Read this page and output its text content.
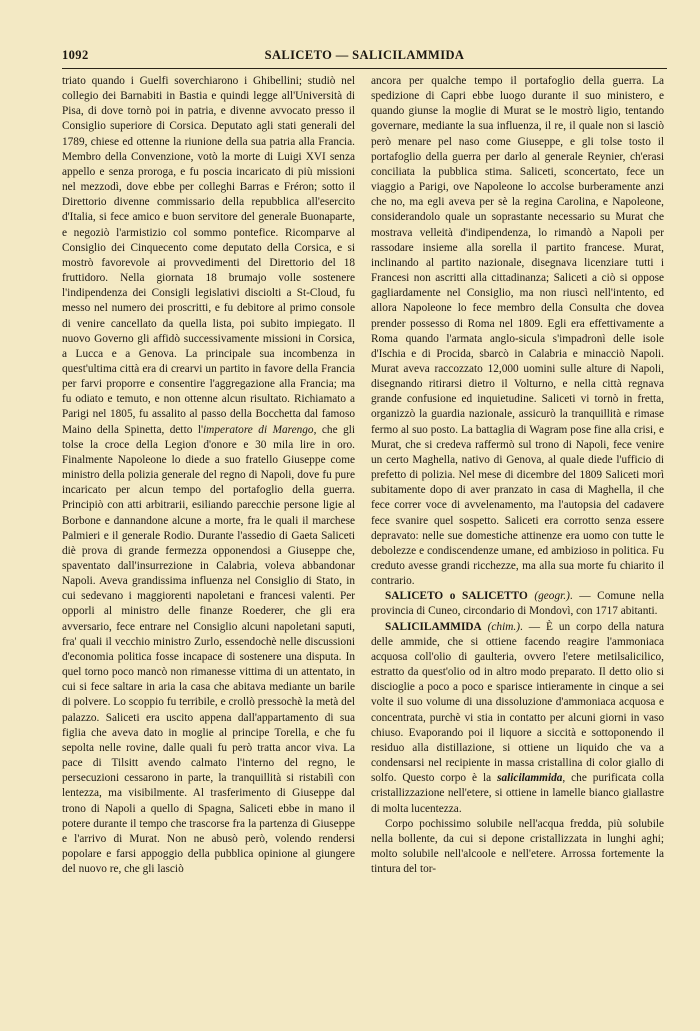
1092	SALICETO — SALICILAMMIDA

triato quando i Guelfi soverchiarono i Ghibellini; studiò nel collegio dei Barnabiti in Bastia e quindi legge all'Università di Pisa, di dove tornò poi in patria, e divenne avvocato presso il Consiglio superiore di Corsica. Deputato agli stati generali del 1789, chiese ed ottenne la riunione della sua patria alla Francia. Membro della Convenzione, votò la morte di Luigi XVI senza appello e senza proroga, e fu poscia incaricato di più missioni nel mezzodì, dove ebbe per colleghi Barras e Fréron; sotto il Direttorio divenne commissario della repubblica all'esercito d'Italia, si fece amico e buon servitore del generale Buonaparte, e negoziò l'armistizio col sommo pontefice. Ricomparve al Consiglio dei Cinquecento come deputato della Corsica, e si mostrò favorevole ai provvedimenti del Direttorio del 18 fruttidoro. Nella giornata 18 brumajo volle sostenere l'indipendenza dei Consigli legislativi disciolti a St-Cloud, fu messo nel numero dei proscritti, e fu debitore al primo console di venire cancellato da quella lista, poi subito impiegato. Il nuovo Governo gli affidò successivamente missioni in Corsica, a Lucca e a Genova. La principale sua incombenza in quest'ultima città era di crearvi un partito in favore della Francia per farvi proporre e consentire l'aggregazione alla Francia; ma fu odiato e temuto, e non ottenne alcun risultato. Richiamato a Parigi nel 1805, fu assalito al passo della Bocchetta dal famoso Maino della Spinetta, detto l'imperatore di Marengo, che gli tolse la croce della Legion d'onore e 30 mila lire in oro. Finalmente Napoleone lo diede a suo fratello Giuseppe come ministro della polizia generale del regno di Napoli, dove fu pure incaricato per alcun tempo del portafoglio della guerra. Principiò con atti arbitrarii, esiliando parecchie persone ligie al Borbone e dannandone alcune a morte, fra le quali il marchese Palmieri e il generale Rodio. Durante l'assedio di Gaeta Saliceti diè prova di grande fermezza opponendosi a Giuseppe che, spaventato dall'insurrezione in Calabria, voleva abbandonar Napoli. Aveva grandissima influenza nel Consiglio di Stato, in cui sedevano i maggiorenti napoletani e francesi valenti. Per opporli al ministro delle finanze Roederer, che gli era avversario, fece entrare nel Consiglio alcuni napoletani saputi, fra' quali il vecchio ministro Zurlo, essendochè nelle discussioni d'economia politica fosse incapace di sostenere una disputa. In quel torno poco mancò non rimanesse vittima di un attentato, in cui si fece saltare in aria la casa che abitava mediante un barile di polvere. Lo scoppio fu terribile, e crollò pressochè la metà del palazzo. Saliceti era uscito appena dall'appartamento di sua figlia che aveva dato in moglie al principe Torella, e che fu sepolta nelle rovine, dalle quali fu però tratta ancor viva. La pace di Tilsitt avendo calmato l'interno del regno, le persecuzioni cessarono in parte, la tranquillità si ristabilì con lentezza, ma visibilmente. Al trasferimento di Giuseppe dal trono di Napoli a quello di Spagna, Saliceti ebbe in mano il potere durante il tempo che trascorse fra la partenza di Giuseppe e l'arrivo di Murat. Non ne abusò però, volendo rendersi popolare e farsi appoggio della pubblica opinione al giungere del nuovo re, che gli lasciò

ancora per qualche tempo il portafoglio della guerra. La spedizione di Capri ebbe luogo durante il suo ministero, e quando giunse la moglie di Murat se le mostrò ligio, tentando governare, mediante la sua influenza, il re, il quale non si lasciò però menare pel naso come Giuseppe, e gli tolse tosto il portafoglio della guerra per darlo al generale Reynier, ch'erasi conciliata la pubblica stima. Saliceti, sconcertato, fece un viaggio a Parigi, ove Napoleone lo accolse burberamente anzi che no, ma egli aveva per sè la regina Carolina, e Napoleone, considerandolo quale un soprastante necessario su Murat che mostrava velleità d'indipendenza, lo rimandò a Napoli per rassodare insieme alla sorella il partito francese. Murat, inclinando al partito nazionale, disegnava licenziare tutti i Francesi non ascritti alla cittadinanza; Saliceti a ciò si oppose gagliardamente nel Consiglio, ma non riuscì nell'intento, ed allora Napoleone lo fece membro della Consulta che dovea prender possesso di Roma nel 1809. Egli era effettivamente a Roma quando l'armata anglo-sicula s'impadronì delle isole d'Ischia e di Procida, sbarcò in Calabria e minacciò Napoli. Murat aveva raccozzato 12,000 uomini sulle alture di Napoli, disegnando ritirarsi dietro il Volturno, e nella città regnava grande confusione ed inquietudine. Saliceti vi tornò in fretta, organizzò la guardia nazionale, assicurò la tranquillità e rimase fermo al suo posto. La battaglia di Wagram pose fine alla crisi, e Murat, che si credeva raffermò sul trono di Napoli, fece venire un certo Maghella, nativo di Genova, al quale diede l'ufficio di prefetto di polizia. Nel mese di dicembre del 1809 Saliceti morì subitamente dopo di aver pranzato in casa di Maghella, il che fece correr voce di avvelenamento, ma l'autopsia del cadavere fece svanire quel sospetto. Saliceti era corrotto senza essere depravato: nelle sue domestiche attinenze era uomo con tutte le debolezze e condiscendenze umane, ed ambizioso in politica. Fu creduto avesse grandi ricchezze, ma alla sua morte fu chiarito il contrario.

SALICETO o SALICETTO (geogr.). — Comune nella provincia di Cuneo, circondario di Mondovì, con 1717 abitanti.

SALICILAMMIDA (chim.). — È un corpo della natura delle ammide, che si ottiene facendo reagire l'ammoniaca acquosa coll'olio di gaulteria, ovvero l'etere metilsalicilico, estratto da quest'olio od in altro modo preparato. Il detto olio si discioglie a poco a poco e sparisce intieramente in cinque a sei volte il suo volume di una dissoluzione d'ammoniaca acquosa e concentrata, purchè vi stia in contatto per alcuni giorni in vaso chiuso. Evaporando poi il liquore a siccità e sottoponendo il residuo alla distillazione, si ottiene un liquido che va a condensarsi nel recipiente in massa cristallina di color giallo di solfo. Questo corpo è la salicilammida, che purificata colla cristallizzazione nell'etere, si ottiene in lamelle bianco giallastre di molta lucentezza.

Corpo pochissimo solubile nell'acqua fredda, più solubile nella bollente, da cui si depone cristallizzata in lunghi aghi; molto solubile nell'alcoole e nell'etere. Arrossa fortemente la tintura del tor-
